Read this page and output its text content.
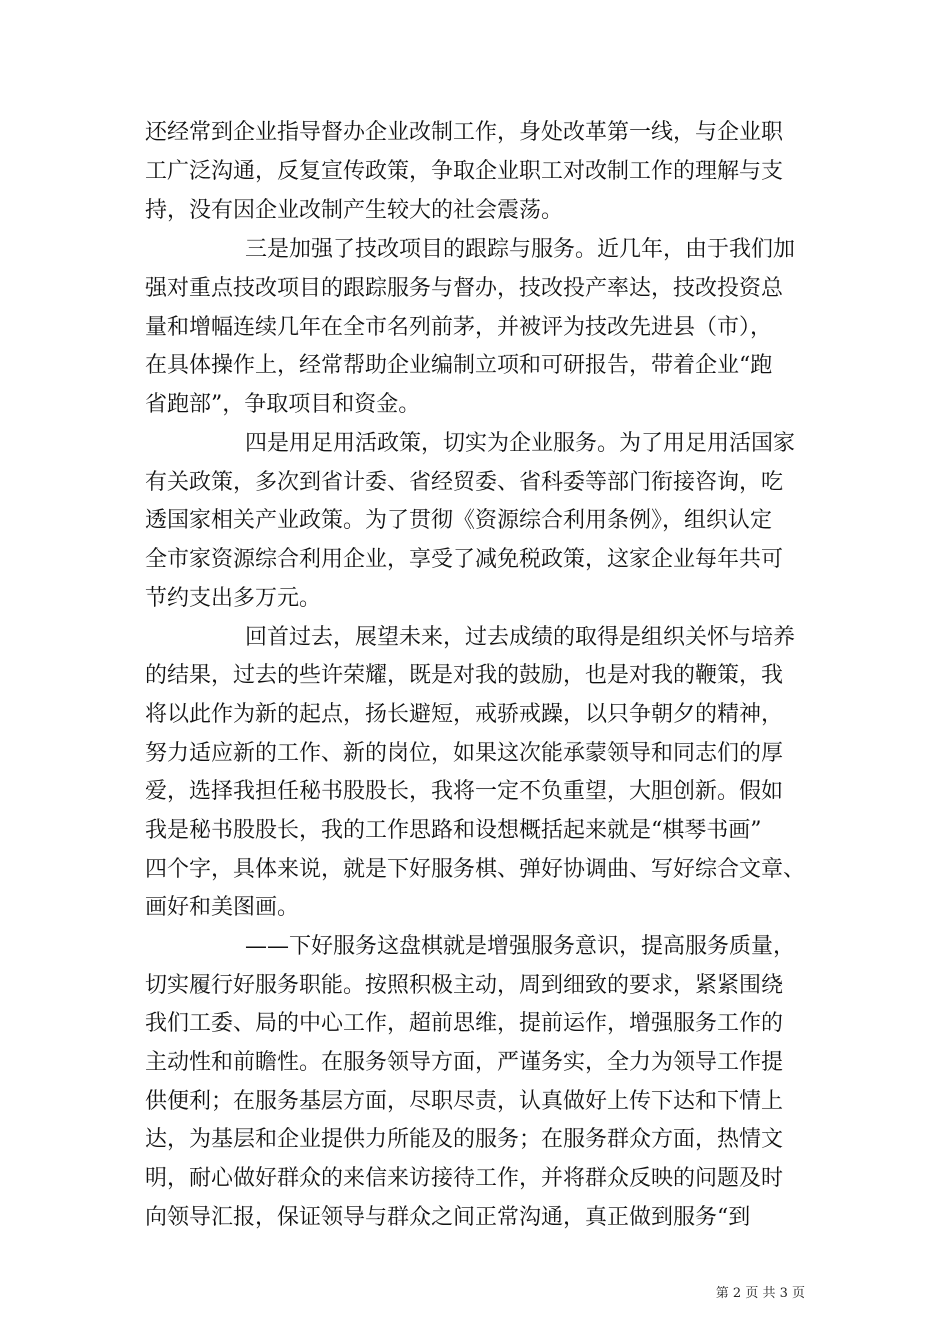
还经常到企业指导督办企业改制工作，身处改革第一线，与企业职
工广泛沟通，反复宣传政策，争取企业职工对改制工作的理解与支
持，没有因企业改制产生较大的社会震荡。
三是加强了技改项目的跟踪与服务。近几年，由于我们加
强对重点技改项目的跟踪服务与督办，技改投产率达，技改投资总
量和增幅连续几年在全市名列前茅，并被评为技改先进县（市），
在具体操作上，经常帮助企业编制立项和可研报告，带着企业“跑
省跑部”，争取项目和资金。
四是用足用活政策，切实为企业服务。为了用足用活国家
有关政策，多次到省计委、省经贸委、省科委等部门衔接咨询，吃
透国家相关产业政策。为了贯彻《资源综合利用条例》，组织认定
全市家资源综合利用企业，享受了减免税政策，这家企业每年共可
节约支出多万元。
回首过去，展望未来，过去成绩的取得是组织关怀与培养
的结果，过去的些许荣耀，既是对我的鼓励，也是对我的鞭策，我
将以此作为新的起点，扬长避短，戒骄戒躁，以只争朝夕的精神，
努力适应新的工作、新的岗位，如果这次能承蒙领导和同志们的厚
爱，选择我担任秘书股股长，我将一定不负重望，大胆创新。假如
我是秘书股股长，我的工作思路和设想概括起来就是“棋琴书画”
四个字，具体来说，就是下好服务棋、弹好协调曲、写好综合文章、
画好和美图画。
——下好服务这盘棋就是增强服务意识，提高服务质量，
切实履行好服务职能。按照积极主动，周到细致的要求，紧紧围绕
我们工委、局的中心工作，超前思维，提前运作，增强服务工作的
主动性和前瞻性。在服务领导方面，严谨务实，全力为领导工作提
供便利；在服务基层方面，尽职尽责，认真做好上传下达和下情上
达，为基层和企业提供力所能及的服务；在服务群众方面，热情文
明，耐心做好群众的来信来访接待工作，并将群众反映的问题及时
向领导汇报，保证领导与群众之间正常沟通，真正做到服务“到
第 2 页 共 3 页
